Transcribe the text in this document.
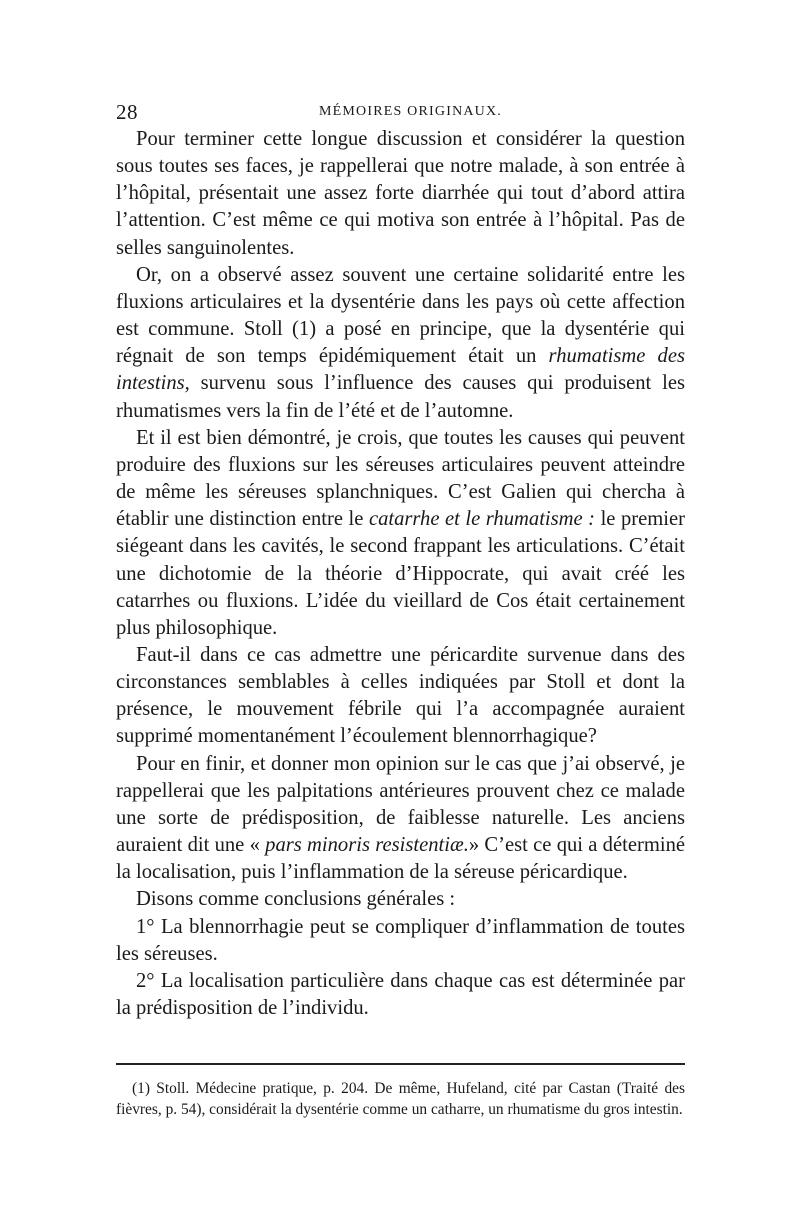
28	MÉMOIRES ORIGINAUX.

Pour terminer cette longue discussion et considérer la question sous toutes ses faces, je rappellerai que notre malade, à son entrée à l’hôpital, présentait une assez forte diarrhée qui tout d’abord attira l’attention. C’est même ce qui motiva son entrée à l’hôpital. Pas de selles sanguinolentes.

Or, on a observé assez souvent une certaine solidarité entre les fluxions articulaires et la dysentérie dans les pays où cette affection est commune. Stoll (1) a posé en principe, que la dysentérie qui régnait de son temps épidémiquement était un rhumatisme des intestins, survenu sous l’influence des causes qui produisent les rhumatismes vers la fin de l’été et de l’automne.

Et il est bien démontré, je crois, que toutes les causes qui peuvent produire des fluxions sur les séreuses articulaires peuvent atteindre de même les séreuses splanchniques. C’est Galien qui chercha à établir une distinction entre le catarrhe et le rhumatisme : le premier siégeant dans les cavités, le second frappant les articulations. C’était une dichotomie de la théorie d’Hippocrate, qui avait créé les catarrhes ou fluxions. L’idée du vieillard de Cos était certainement plus philosophique.

Faut-il dans ce cas admettre une péricardite survenue dans des circonstances semblables à celles indiquées par Stoll et dont la présence, le mouvement fébrile qui l’a accompagnée auraient supprimé momentanément l’écoulement blennorrhagique?

Pour en finir, et donner mon opinion sur le cas que j’ai observé, je rappellerai que les palpitations antérieures prouvent chez ce malade une sorte de prédisposition, de faiblesse naturelle. Les anciens auraient dit une « pars minoris resistentiæ.» C’est ce qui a déterminé la localisation, puis l’inflammation de la séreuse péricardique.

Disons comme conclusions générales :

1° La blennorrhagie peut se compliquer d’inflammation de toutes les séreuses.

2° La localisation particulière dans chaque cas est déterminée par la prédisposition de l’individu.

(1) Stoll. Médecine pratique, p. 204. De même, Hufeland, cité par Castan (Traité des fièvres, p. 54), considérait la dysentérie comme un catharre, un rhumatisme du gros intestin.
